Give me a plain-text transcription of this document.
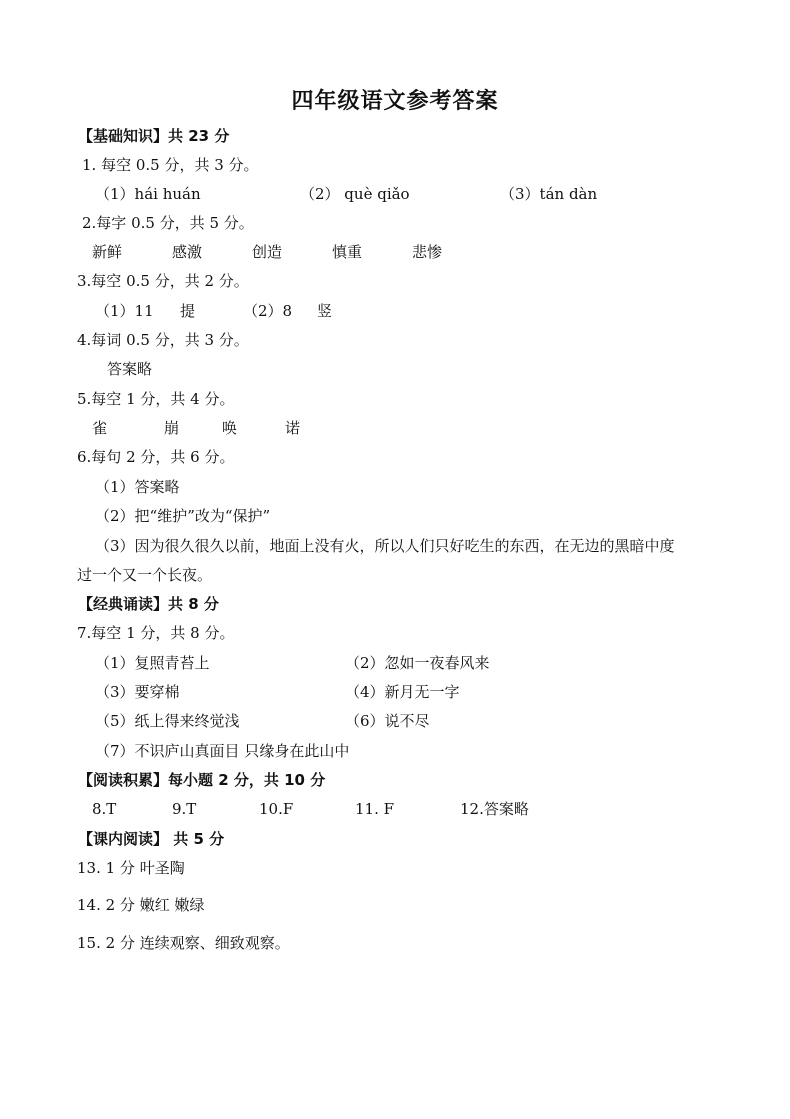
四年级语文参考答案
【基础知识】共 23 分
1. 每空 0.5 分，共 3 分。
（1）hái huán	（2） què qiǎo	（3）tán dàn
2.每字 0.5 分，共 5 分。
新鲜	感激	创造	慎重	悲惨
3.每空 0.5 分，共 2 分。
（1）11 提	（2）8 竖
4.每词 0.5 分，共 3 分。
答案略
5.每空 1 分，共 4 分。
雀	崩	唤	诺
6.每句 2 分，共 6 分。
（1）答案略
（2）把“维护”改为“保护”
（3）因为很久很久以前，地面上没有火，所以人们只好吃生的东西，在无边的黑暗中度
过一个又一个长夜。
【经典诵读】共 8 分
7.每空 1 分，共 8 分。
（1）复照青苔上	（2）忽如一夜春风来
（3）要穿棉	（4）新月无一字
（5）纸上得来终觉浅	（6）说不尽
（7）不识庐山真面目 只缘身在此山中
【阅读积累】每小题 2 分，共 10 分
8.T	9.T	10.F	11. F	12.答案略
【课内阅读】 共 5 分
13. 1 分 叶圣陶
14. 2 分 嫩红 嫩绿
15. 2 分 连续观察、细致观察。
